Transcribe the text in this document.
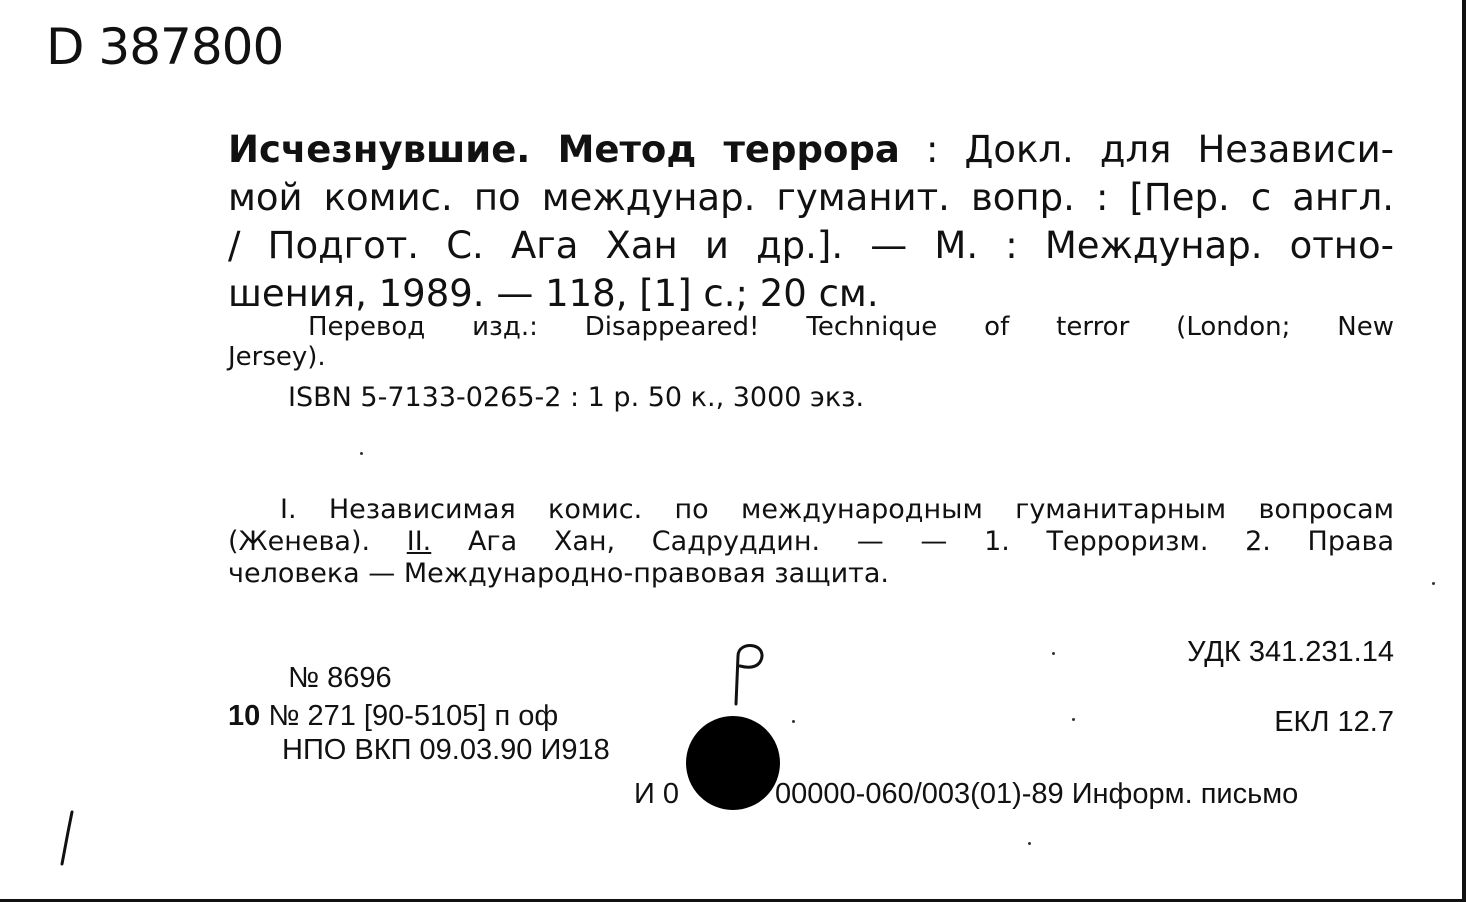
D 387800
Исчезнувшие. Метод террора : Докл. для Независи-
мой комис. по междунар. гуманит. вопр. : [Пер. с англ.
/ Подгот. С. Ага Хан и др.]. — М. : Междунар. отно-
шения, 1989. — 118, [1] с.; 20 см.
Перевод изд.: Disappeared! Technique of terror (London; New
Jersey).
ISBN 5-7133-0265-2 : 1 р. 50 к., 3000 экз.
I. Независимая комис. по международным гуманитарным вопросам
(Женева). II. Ага Хан, Садруддин. — — 1. Терроризм. 2. Права
человека — Международно-правовая защита.
УДК 341.231.14
ЕКЛ 12.7
№ 8696
10 № 271 [90-5105] п оф
НПО ВКП 09.03.90 И918
И 0	00000-060/003(01)-89 Информ. письмо
